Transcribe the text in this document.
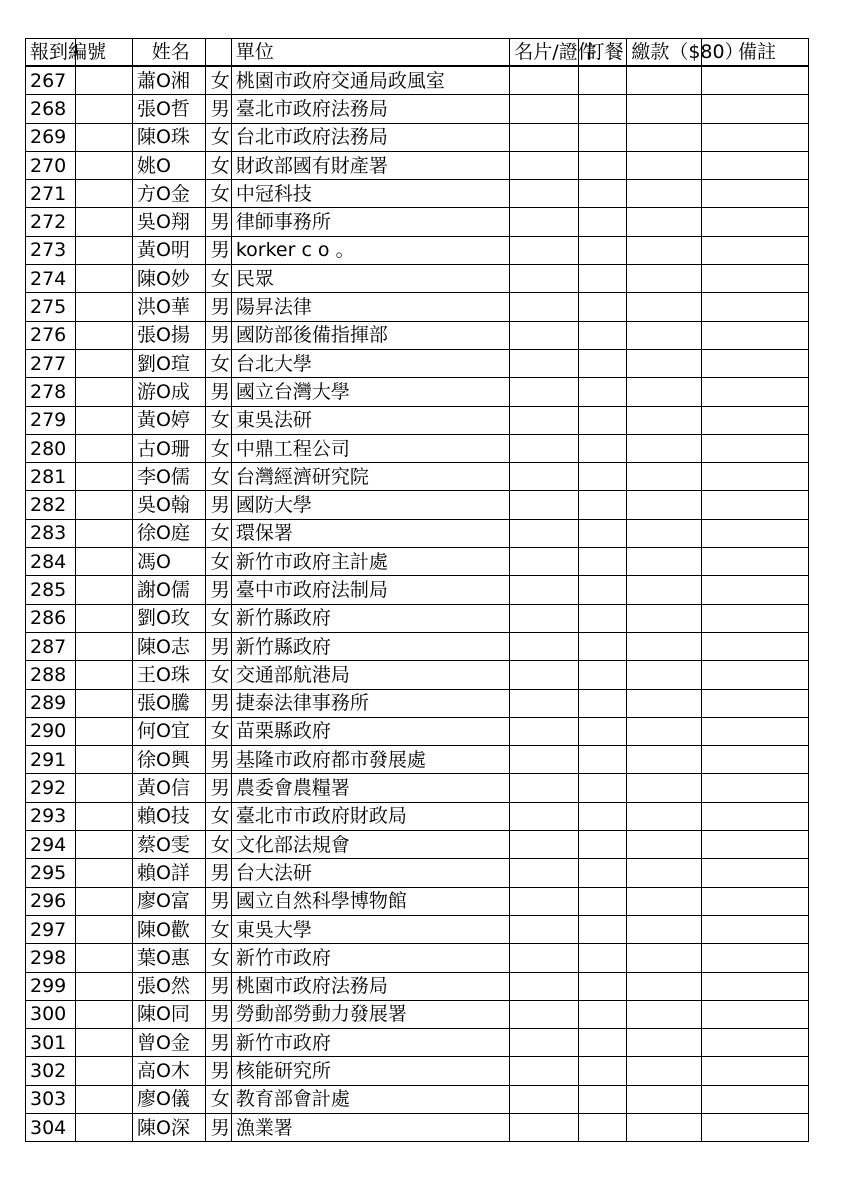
報到編號		姓名		單位	名片/證件	訂餐	繳款（$80）	備註
267		蕭O湘	女	桃園市政府交通局政風室				
268		張O哲	男	臺北市政府法務局				
269		陳O珠	女	台北市政府法務局				
270		姚O	女	財政部國有財產署				
271		方O金	女	中冠科技				
272		吳O翔	男	律師事務所				
273		黃O明	男	korker c o 。				
274		陳O妙	女	民眾				
275		洪O華	男	陽昇法律				
276		張O揚	男	國防部後備指揮部				
277		劉O瑄	女	台北大學				
278		游O成	男	國立台灣大學				
279		黃O婷	女	東吳法研				
280		古O珊	女	中鼎工程公司				
281		李O儒	女	台灣經濟研究院				
282		吳O翰	男	國防大學				
283		徐O庭	女	環保署				
284		馮O	女	新竹市政府主計處				
285		謝O儒	男	臺中市政府法制局				
286		劉O玫	女	新竹縣政府				
287		陳O志	男	新竹縣政府				
288		王O珠	女	交通部航港局				
289		張O騰	男	捷泰法律事務所				
290		何O宜	女	苗栗縣政府				
291		徐O興	男	基隆市政府都市發展處				
292		黃O信	男	農委會農糧署				
293		賴O技	女	臺北市市政府財政局				
294		蔡O雯	女	文化部法規會				
295		賴O詳	男	台大法研				
296		廖O富	男	國立自然科學博物館				
297		陳O歡	女	東吳大學				
298		葉O惠	女	新竹市政府				
299		張O然	男	桃園市政府法務局				
300		陳O同	男	勞動部勞動力發展署				
301		曾O金	男	新竹市政府				
302		高O木	男	核能研究所				
303		廖O儀	女	教育部會計處				
304		陳O深	男	漁業署				
